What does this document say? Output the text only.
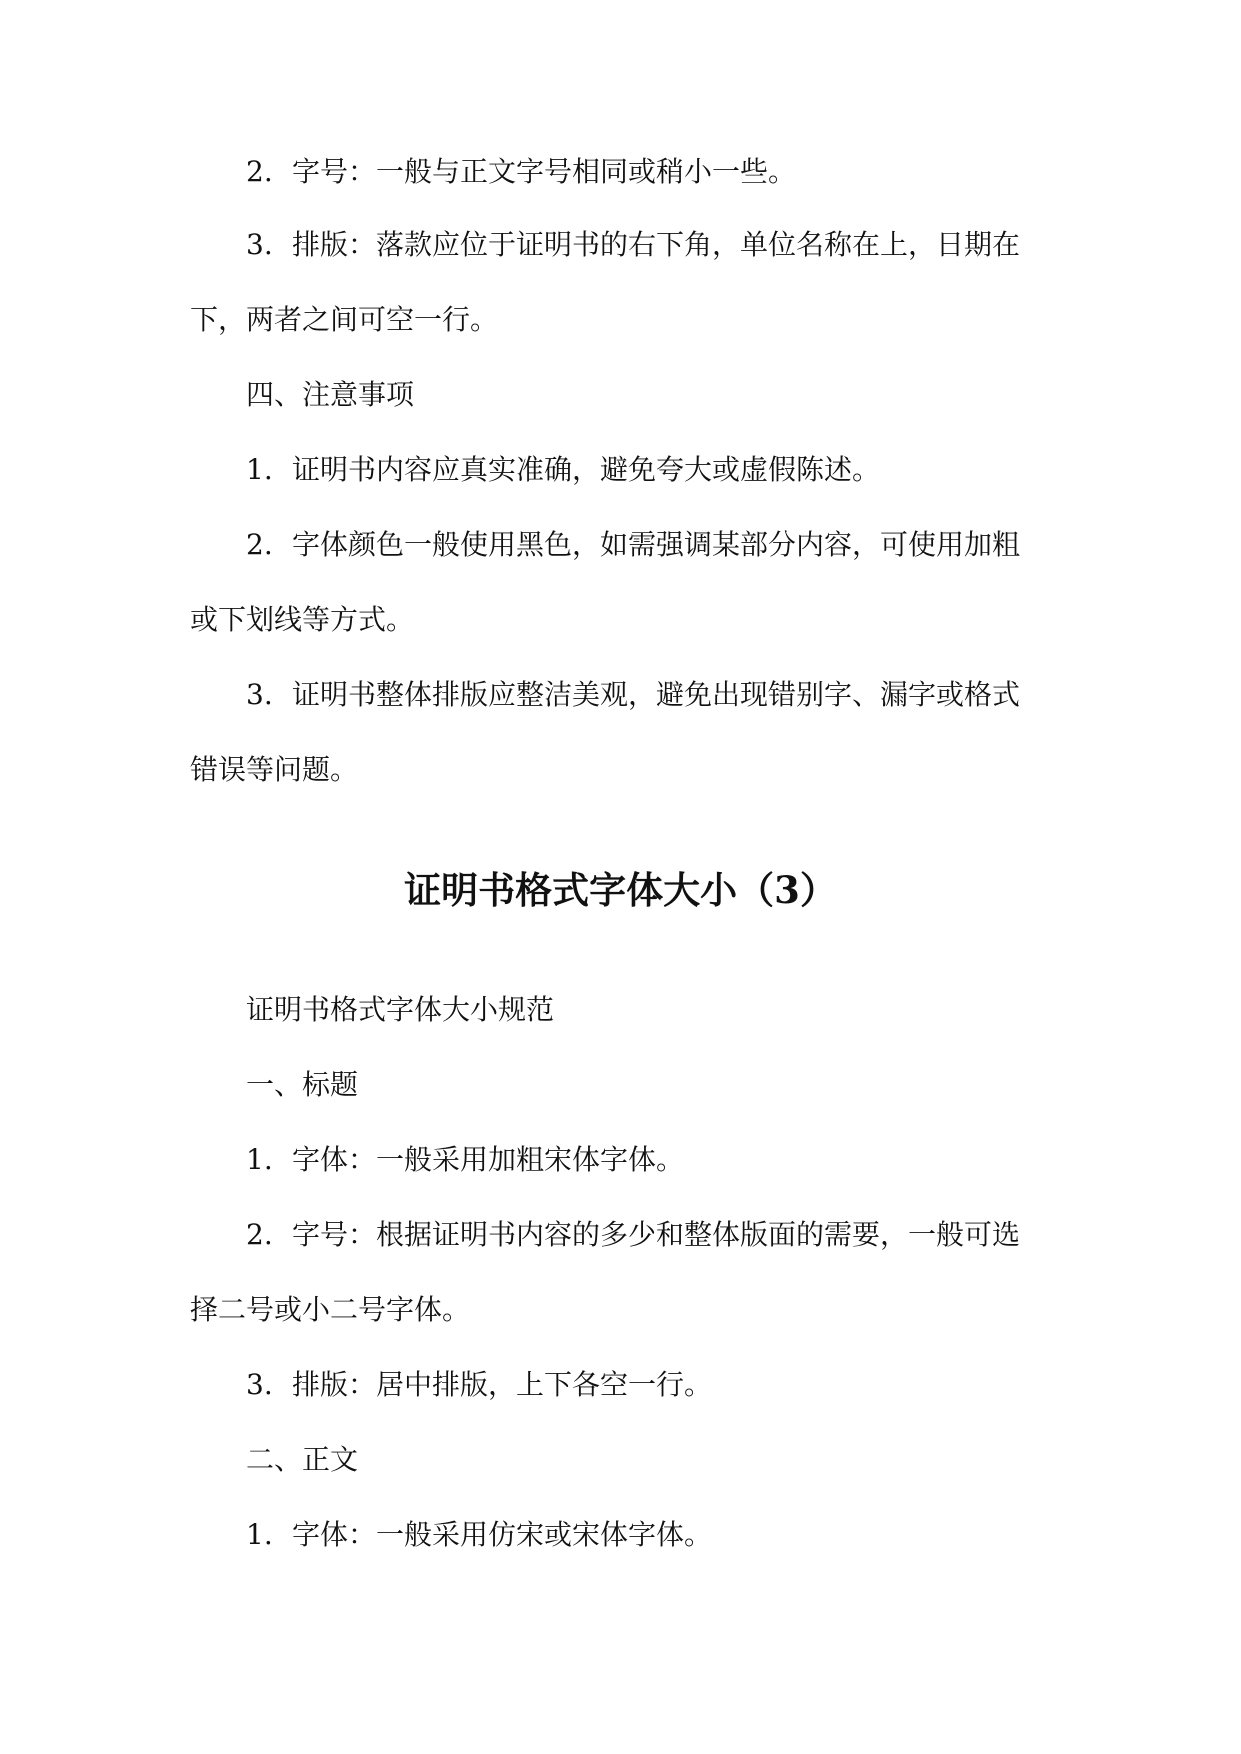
2. 字号：一般与正文字号相同或稍小一些。
3. 排版：落款应位于证明书的右下角，单位名称在上，日期在
下，两者之间可空一行。
四、注意事项
1. 证明书内容应真实准确，避免夸大或虚假陈述。
2. 字体颜色一般使用黑色，如需强调某部分内容，可使用加粗
或下划线等方式。
3. 证明书整体排版应整洁美观，避免出现错别字、漏字或格式
错误等问题。
证明书格式字体大小（3）
证明书格式字体大小规范
一、标题
1. 字体：一般采用加粗宋体字体。
2. 字号：根据证明书内容的多少和整体版面的需要，一般可选
择二号或小二号字体。
3. 排版：居中排版，上下各空一行。
二、正文
1. 字体：一般采用仿宋或宋体字体。
